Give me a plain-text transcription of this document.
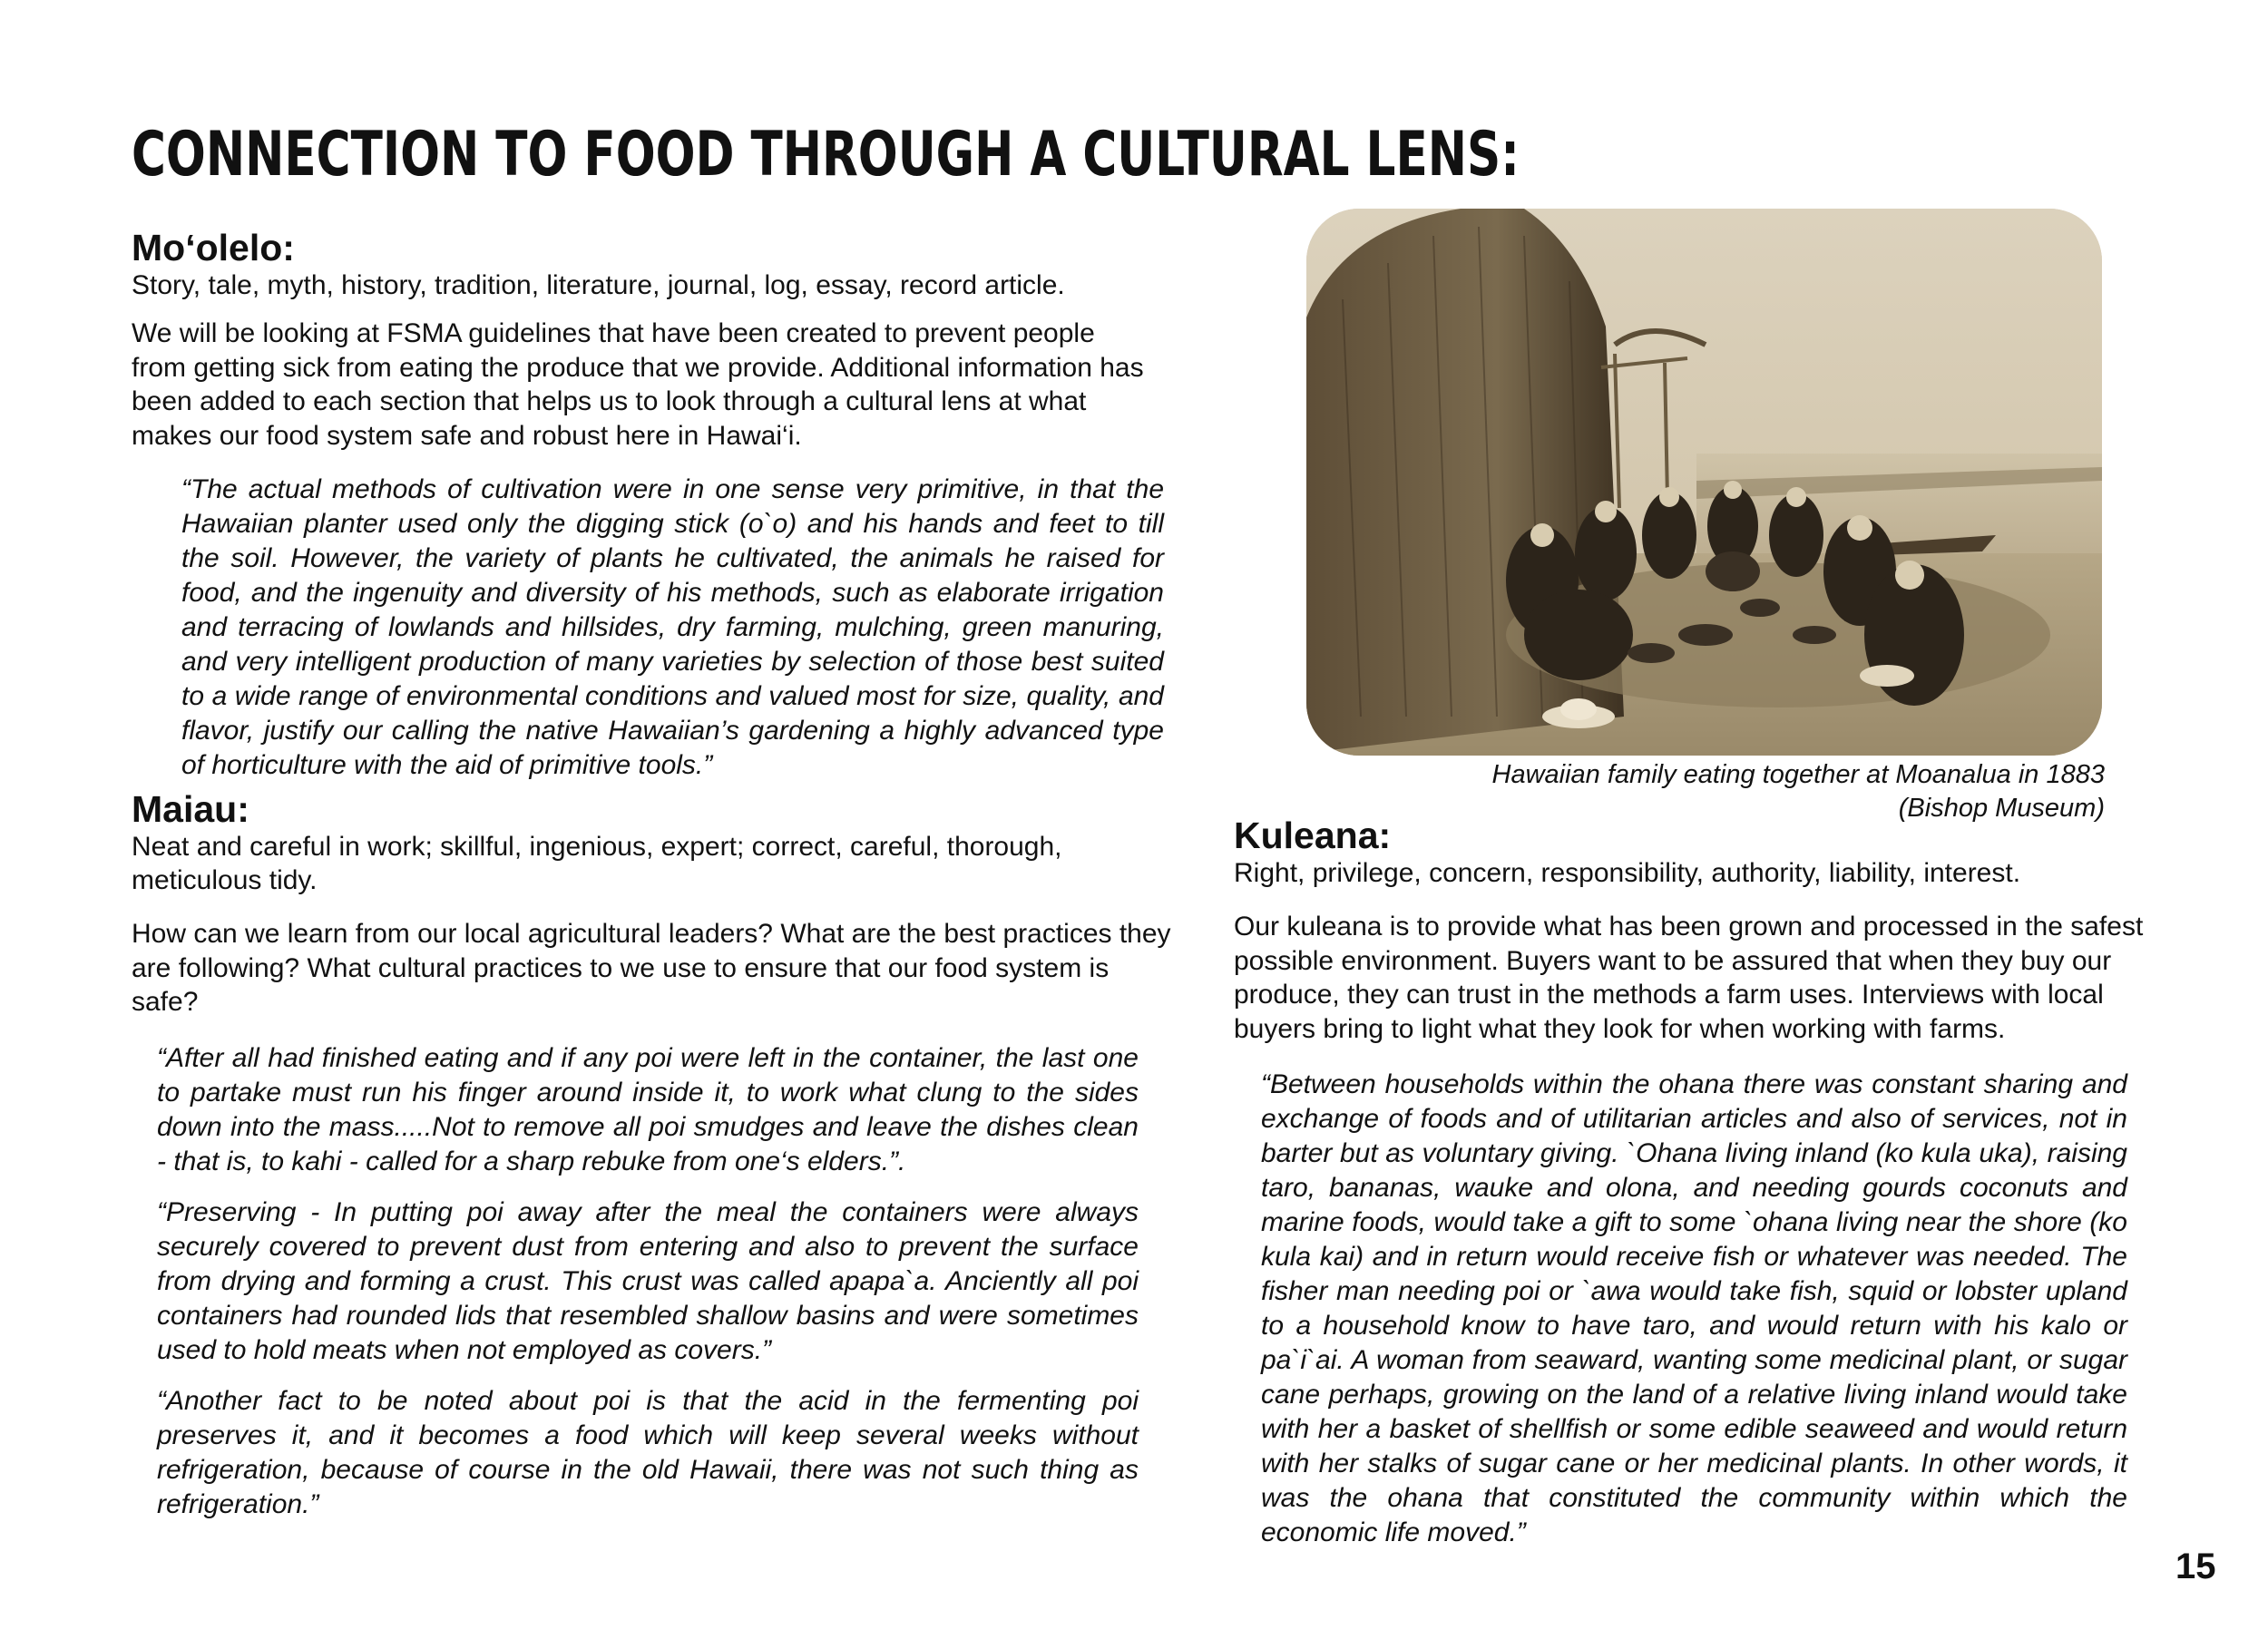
CONNECTION TO FOOD THROUGH A CULTURAL LENS:
Mo‘olelo:

Story, tale, myth, history, tradition, literature, journal, log, essay, record article.

We will be looking at FSMA guidelines that have been created to prevent people from getting sick from eating the produce that we provide. Additional information has been added to each section that helps us to look through a cultural lens at what makes our food system safe and robust here in Hawai‘i.

“The actual methods of cultivation were in one sense very primitive, in that the Hawaiian planter used only the digging stick (o`o) and his hands and feet to till the soil. However, the variety of plants he cultivated, the animals he raised for food, and the ingenuity and diversity of his methods, such as elaborate irrigation and terracing of lowlands and hillsides, dry farming, mulching, green manuring, and very intelligent production of many varieties by selection of those best suited to a wide range of environmental conditions and valued most for size, quality, and flavor, justify our calling the native Hawaiian’s gardening a highly advanced type of horticulture with the aid of primitive tools.”

Maiau:

Neat and careful in work; skillful, ingenious, expert; correct, careful, thorough, meticulous tidy.

How can we learn from our local agricultural leaders? What are the best practices they are following? What cultural practices to we use to ensure that our food system is safe?

“After all had finished eating and if any poi were left in the container, the last one to partake must run his finger around inside it, to work what clung to the sides down into the mass.....Not to remove all poi smudges and leave the dishes clean - that is, to kahi - called for a sharp rebuke from one‘s elders.”.

“Preserving - In putting poi away after the meal the containers were always securely covered to prevent dust from entering and also to prevent the surface from drying and forming a crust. This crust was called apapa`a. Anciently all poi containers had rounded lids that resembled shallow basins and were sometimes used to hold meats when not employed as covers.”

“Another fact to be noted about poi is that the acid in the fermenting poi preserves it, and it becomes a food which will keep several weeks without refrigeration, because of course in the old Hawaii, there was not such thing as refrigeration.”

Hawaiian family eating together at Moanalua in 1883
(Bishop Museum)

Kuleana:

Right, privilege, concern, responsibility, authority, liability, interest.

Our kuleana is to provide what has been grown and processed in the safest possible environment. Buyers want to be assured that when they buy our produce, they can trust in the methods a farm uses. Interviews with local buyers bring to light what they look for when working with farms.

“Between households within the ohana there was constant sharing and exchange of foods and of utilitarian articles and also of services, not in barter but as voluntary giving. `Ohana living inland (ko kula uka), raising taro, bananas, wauke and olona, and needing gourds coconuts and marine foods, would take a gift to some `ohana living near the shore (ko kula kai) and in return would receive fish or whatever was needed. The fisher man needing poi or `awa would take fish, squid or lobster upland to a household know to have taro, and would return with his kalo or pa`i`ai. A woman from seaward, wanting some medicinal plant, or sugar cane perhaps, growing on the land of a relative living inland would take with her a basket of shellfish or some edible seaweed and would return with her stalks of sugar cane or her medicinal plants. In other words, it was the ohana that constituted the community within which the economic life moved.”

15
